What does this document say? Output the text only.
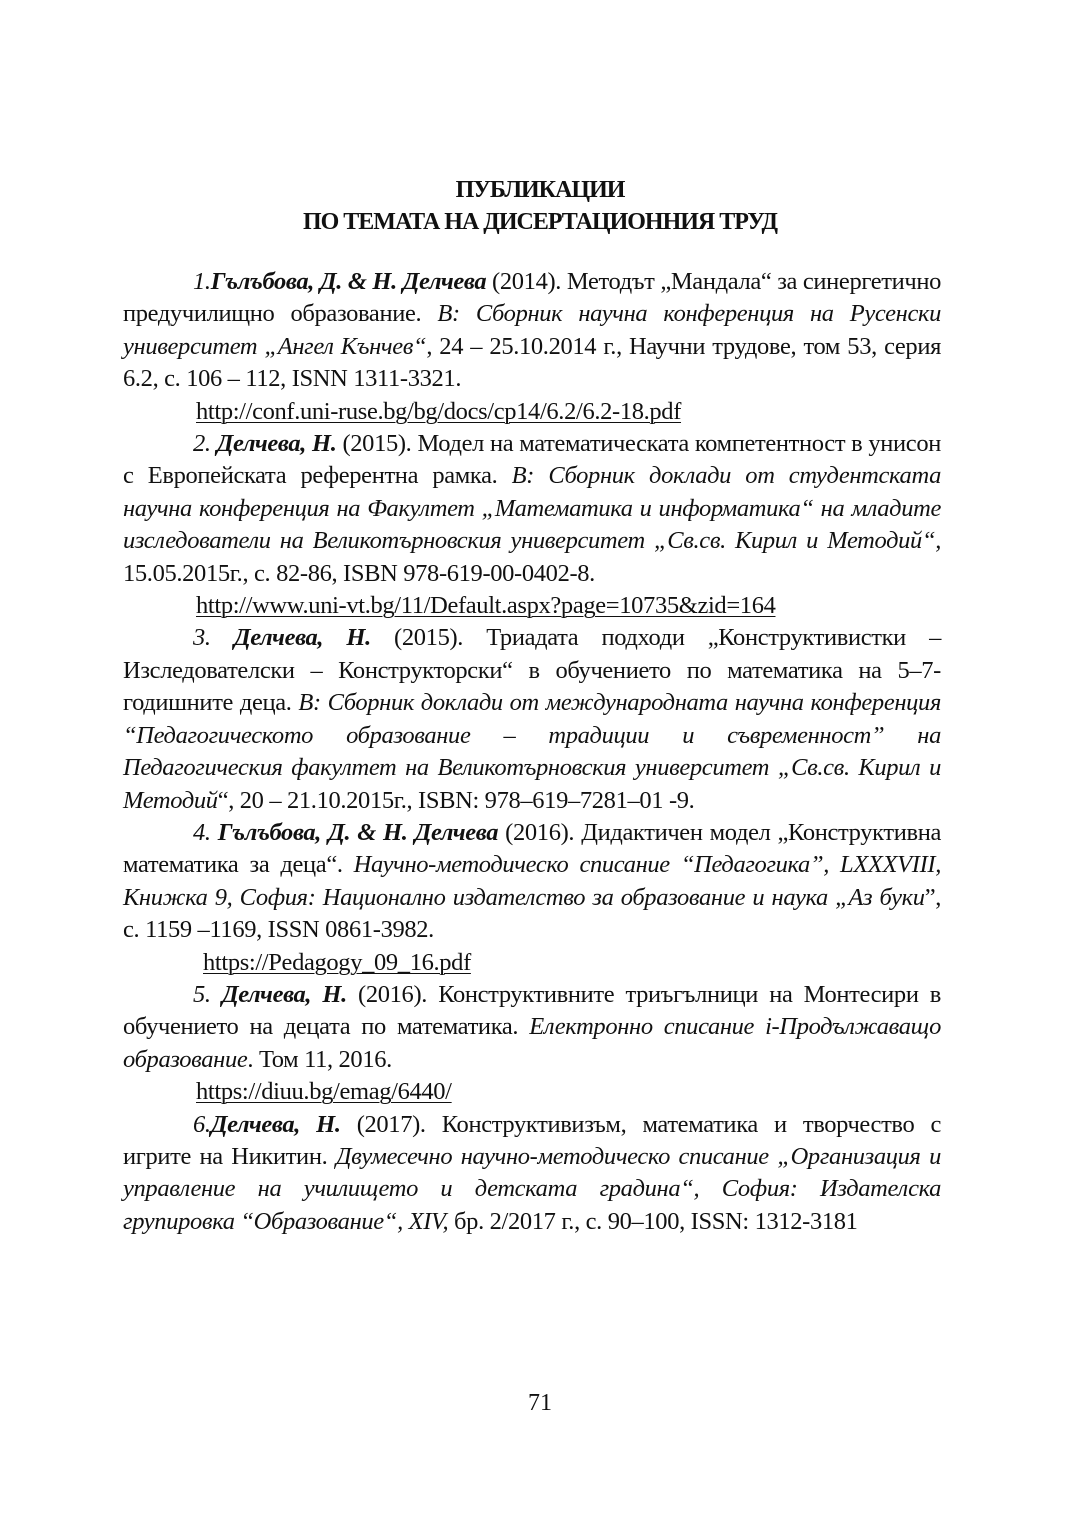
ПУБЛИКАЦИИ
ПО ТЕМАТА НА ДИСЕРТАЦИОННИЯ ТРУД

1.Гълъбова, Д. & Н. Делчева (2014). Методът „Мандала“ за синергетично предучилищно образование. В: Сборник научна конференция на Русенски университет „Ангел Кънчев“, 24 – 25.10.2014 г., Научни трудове, том 53, серия 6.2, с. 106 – 112, ISNN 1311-3321.

http://conf.uni-ruse.bg/bg/docs/cp14/6.2/6.2-18.pdf

2. Делчева, Н. (2015). Модел на математическата компетентност в унисон с Европейската референтна рамка. В: Сборник доклади от студентската научна конференция на Факултет „Математика и информатика“ на младите изследователи на Великотърновския университет „Св.св. Кирил и Методий“, 15.05.2015г., с. 82-86, ISBN 978-619-00-0402-8.

http://www.uni-vt.bg/11/Default.aspx?page=10735&zid=164

3. Делчева, Н. (2015). Триадата подходи „Конструктивистки – Изследователски – Конструкторски“ в обучението по математика на 5–7-годишните деца. В: Сборник доклади от международната научна конференция “Педагогическото образование – традиции и съвременност” на Педагогическия факултет на Великотърновския университет „Св.св. Кирил и Методий“, 20 – 21.10.2015г., ISBN: 978–619–7281–01 -9.

4. Гълъбова, Д. & Н. Делчева (2016). Дидактичен модел „Конструктивна математика за деца“. Научно-методическо списание “Педагогика”, LXXXVIII, Книжка 9, София: Национално издателство за образование и наука „Аз буки”, с. 1159 –1169, ISSN 0861-3982.

https://Pedagogy_09_16.pdf

5. Делчева, Н. (2016). Конструктивните триъгълници на Монтесири в обучението на децата по математика. Електронно списание i-Продължаващо образование. Том 11, 2016.

https://diuu.bg/emag/6440/

6.Делчева, Н. (2017). Конструктивизъм, математика и творчество с игрите на Никитин. Двумесечно научно-методическо списание „Организация и управление на училището и детската градина“, София: Издателска групировка “Образование“, XIV, бр. 2/2017 г., с. 90–100, ISSN: 1312-3181

71
